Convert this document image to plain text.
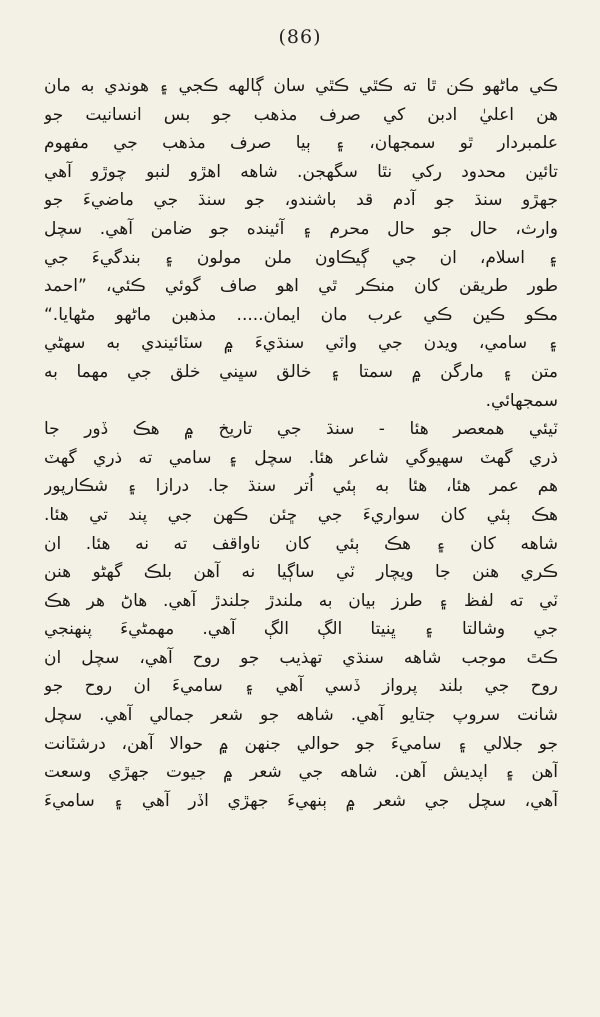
(86)
ڪي ماڻهو ڪن ٿا ته ڪٿي ڪٿي سان ڳالهه ڪجي ۽ هوندي به مان
هن اعليٰ ادبن کي صرف مذهب جو بس انسانيت جو
علمبردار ٿو سمجهان، ۽ ٻيا صرف مذهب جي مفهوم
تائين محدود رکي نٿا سگهجن. شاهه اهڙو لنبو چوڙو آهي
جهڙو سنڌ جو آدم قد باشندو، جو سنڌ جي ماضيءَ جو
وارث، حال جو حال محرم ۽ آئينده جو ضامن آهي. سچل
۽ اسلام، ان جي ڳيڪاون ملن مولون ۽ بندگيءَ جي
طور طريقن کان منڪر ٿي اهو صاف گوئي ڪئي، ”احمد
مڪو ڪين ڪي عرب مان ايمان..... مذهبن ماڻهو مڻهايا.“
۽ سامي، ويدن جي واٽي سنڌيءَ ۾ سٽائيندي به سهڻي
متن ۽ مارگن ۾ سمتا ۽ خالق سڀني خلق جي مهما به
سمجهائي.
ٽيئي همعصر هئا - سنڌ جي تاريخ ۾ هڪ ڏور جا
ذري گهٽ سهيوگي شاعر هئا. سچل ۽ سامي ته ذري گهٽ
هم عمر هئا، هئا به ٻئي اُتر سنڌ جا. درازا ۽ شڪارپور
هڪ ٻئي کان سواريءَ جي ڇئن ڪهن جي پند تي هئا.
شاهه کان ۽ هڪ ٻئي کان ناواقف ته نه هئا. ان
ڪري هنن جا ويچار ٽي ساڳيا نه آهن بلڪ گهڻو هنن
ٽي ته لفظ ۽ طرز بيان به ملندڙ جلندڙ آهي. هاڻ هر هڪ
جي وشالتا ۽ ڀنيتا الڳ الڳ آهي. مهمڻيءَ پنهنجي
ڪٿ موجب شاهه سنڌي تهذيب جو روح آهي، سچل ان
روح جي بلند پرواز ڏسي آهي ۽ ساميءَ ان روح جو
شانت سروپ جتايو آهي. شاهه جو شعر جمالي آهي. سچل
جو جلالي ۽ ساميءَ جو حوالي جنهن ۾ حوالا آهن، درشٽانت
آهن ۽ اپديش آهن. شاهه جي شعر ۾ جيوت جهڙي وسعت
آهي، سچل جي شعر ۾ ٻنهيءَ جهڙي اڏر آهي ۽ ساميءَ
